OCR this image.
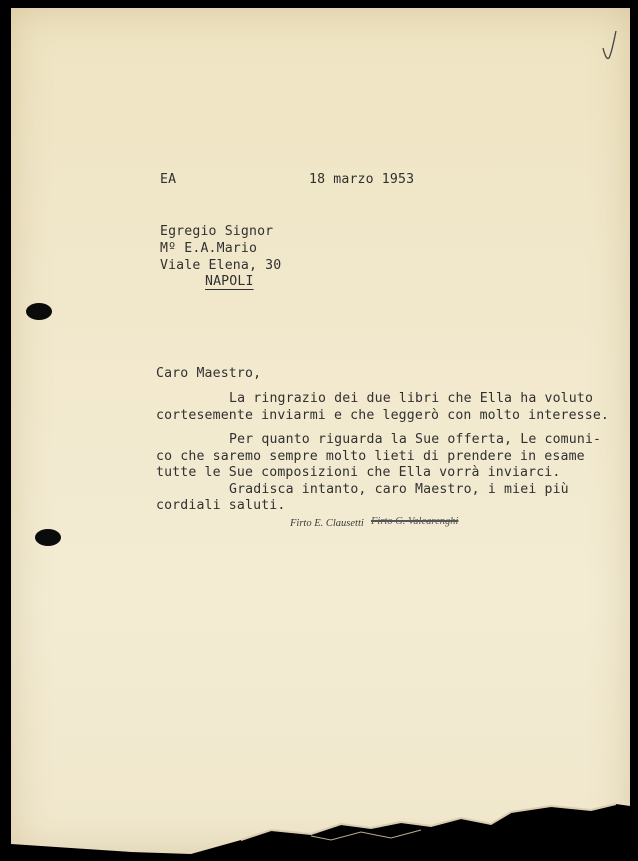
EA	18 marzo 1953
Egregio Signor
Mº E.A.Mario
Viale Elena, 30
NAPOLI
Caro Maestro,
La ringrazio dei due libri che Ella ha voluto
cortesemente inviarmi e che leggerò con molto interesse.
Per quanto riguarda la Sue offerta, Le comuni-
co che saremo sempre molto lieti di prendere in esame
tutte le Sue composizioni che Ella vorrà inviarci.
Gradisca intanto, caro Maestro, i miei più
cordiali saluti.
Firto E. Clausetti Firto G. Valcarenghi
